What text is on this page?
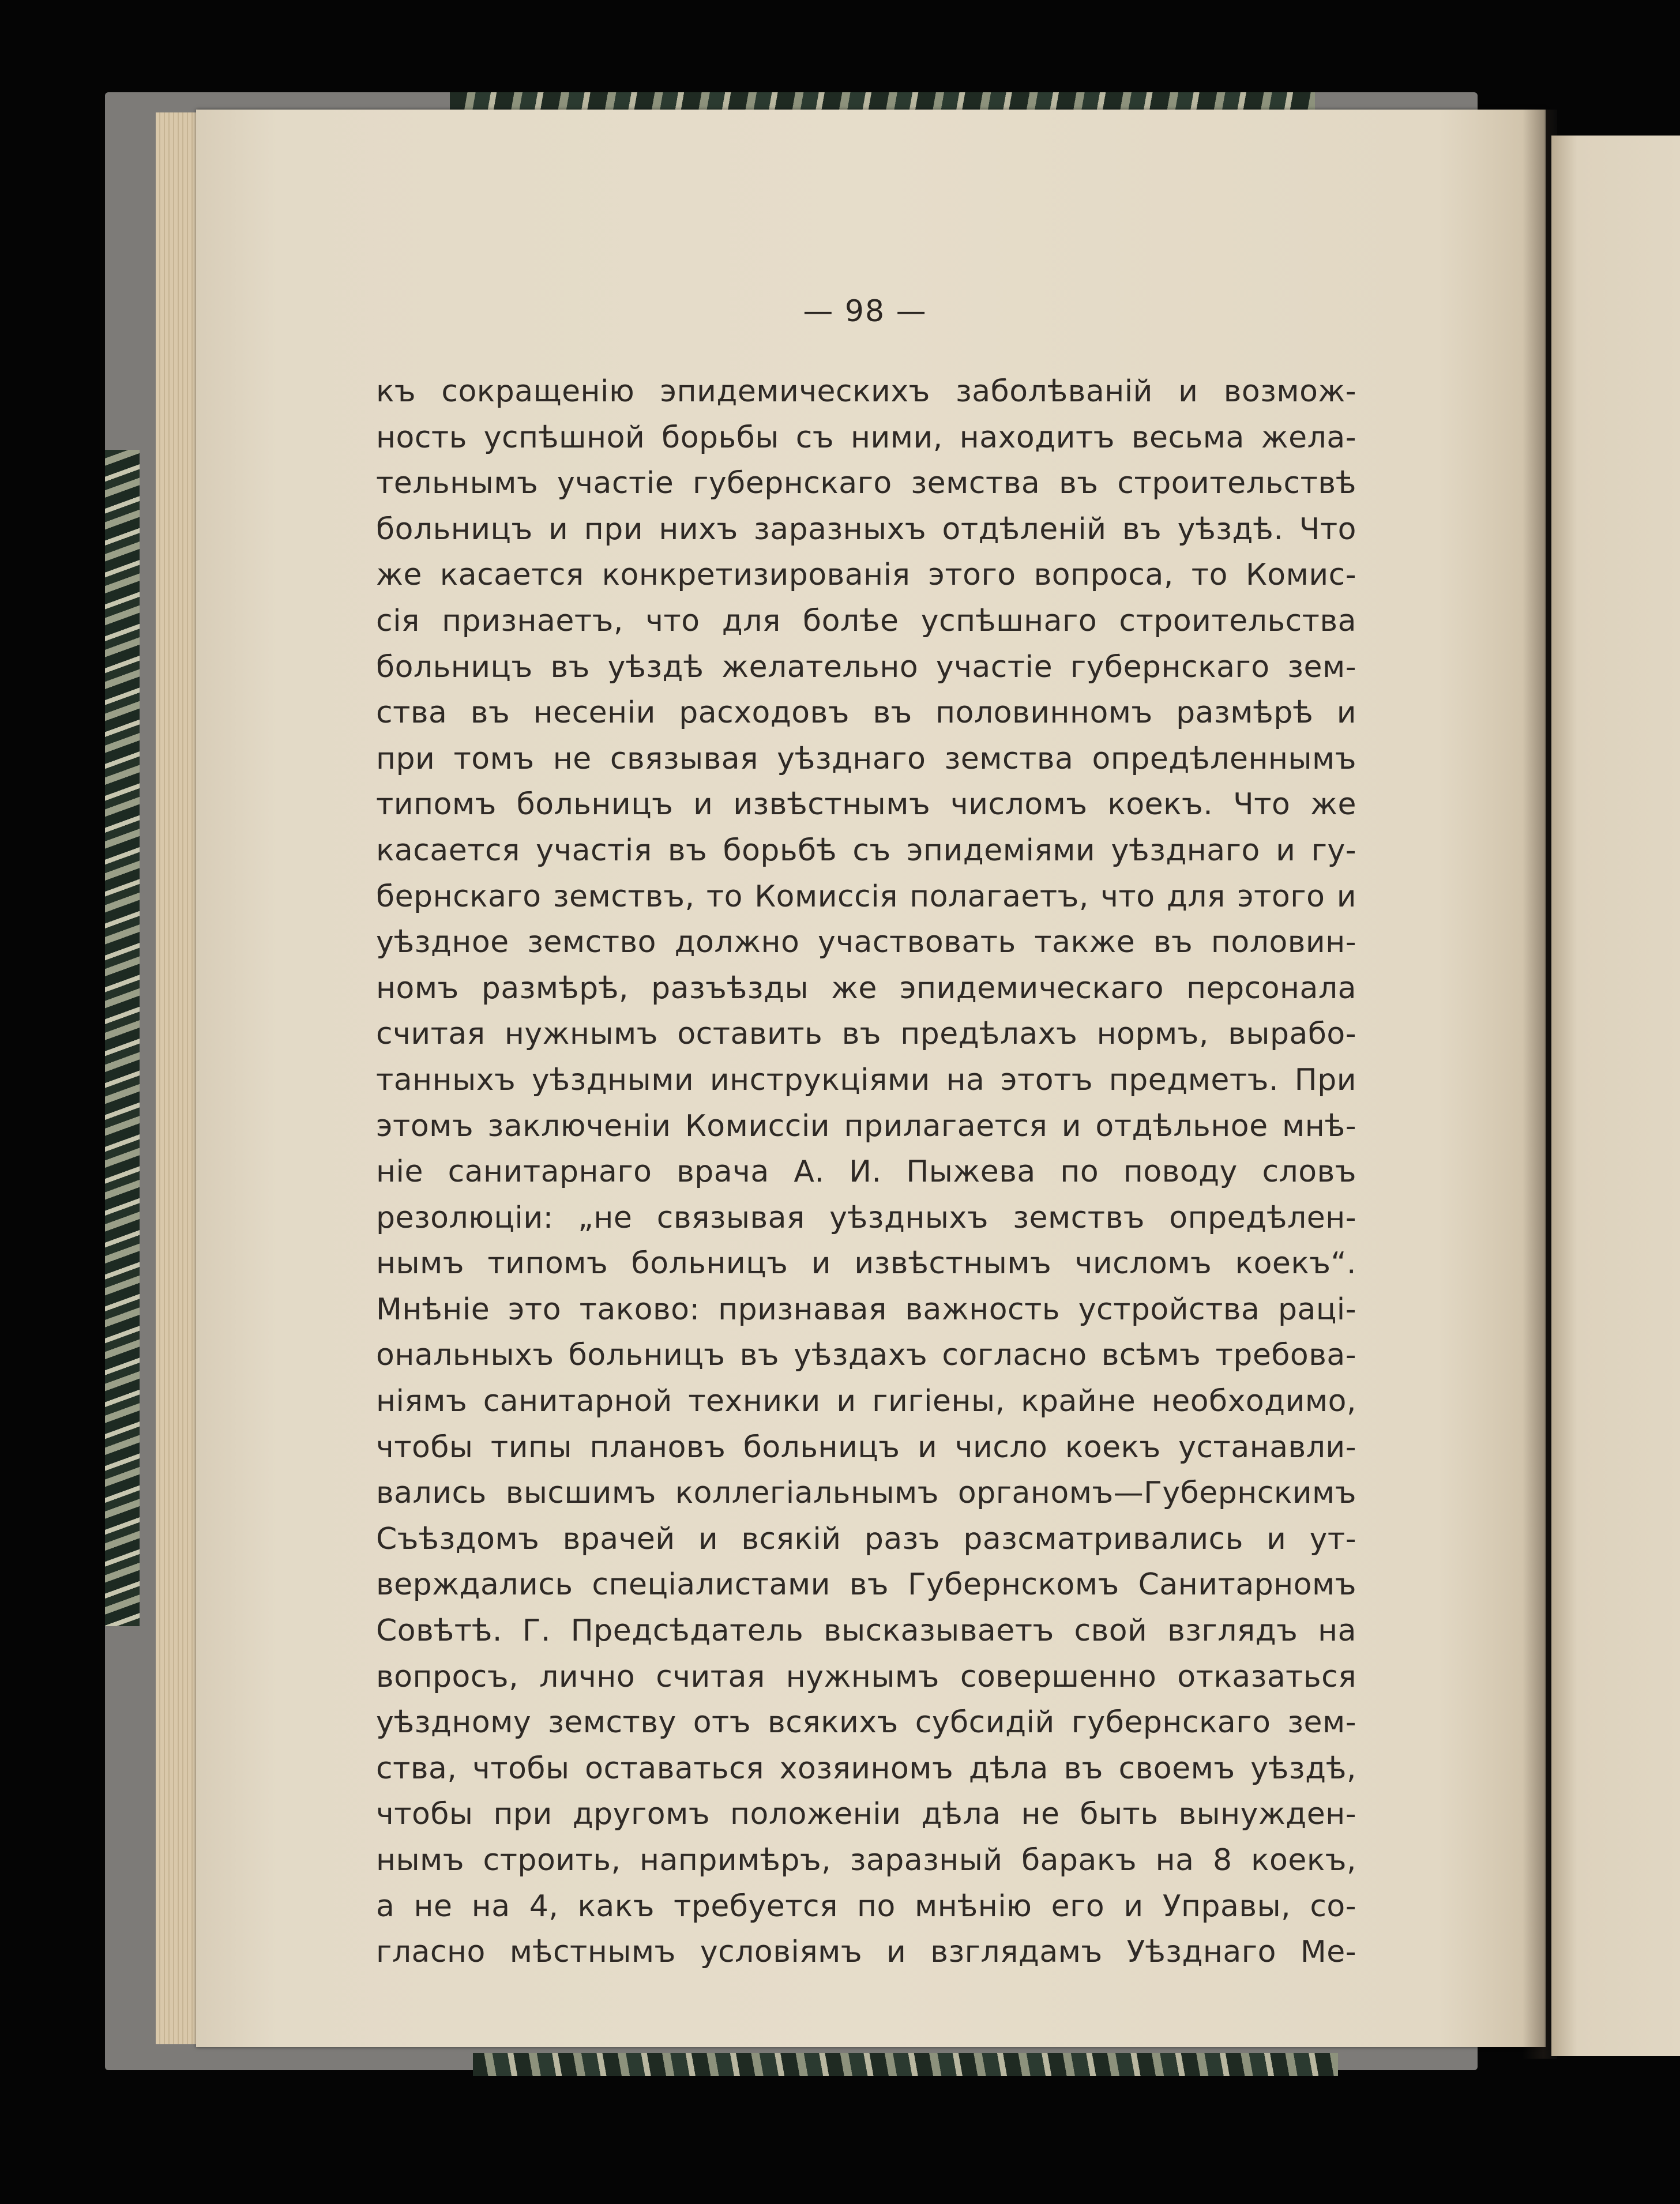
— 98 —
къ сокращенію эпидемическихъ заболѣваній и возмож-
ность успѣшной борьбы съ ними, находитъ весьма жела-
тельнымъ участіе губернскаго земства въ строительствѣ
больницъ и при нихъ заразныхъ отдѣленій въ уѣздѣ. Что
же касается конкретизированія этого вопроса, то Комис-
сія признаетъ, что для болѣе успѣшнаго строительства
больницъ въ уѣздѣ желательно участіе губернскаго зем-
ства въ несеніи расходовъ въ половинномъ размѣрѣ и
при томъ не связывая уѣзднаго земства опредѣленнымъ
типомъ больницъ и извѣстнымъ числомъ коекъ. Что же
касается участія въ борьбѣ съ эпидеміями уѣзднаго и гу-
бернскаго земствъ, то Комиссія полагаетъ, что для этого и
уѣздное земство должно участвовать также въ половин-
номъ размѣрѣ, разъѣзды же эпидемическаго персонала
считая нужнымъ оставить въ предѣлахъ нормъ, вырабо-
танныхъ уѣздными инструкціями на этотъ предметъ. При
этомъ заключеніи Комиссіи прилагается и отдѣльное мнѣ-
ніе санитарнаго врача А. И. Пыжева по поводу словъ
резолюціи: „не связывая уѣздныхъ земствъ опредѣлен-
нымъ типомъ больницъ и извѣстнымъ числомъ коекъ“.
Мнѣніе это таково: признавая важность устройства раці-
ональныхъ больницъ въ уѣздахъ согласно всѣмъ требова-
ніямъ санитарной техники и гигіены, крайне необходимо,
чтобы типы плановъ больницъ и число коекъ устанавли-
вались высшимъ коллегіальнымъ органомъ—Губернскимъ
Съѣздомъ врачей и всякій разъ разсматривались и ут-
верждались спеціалистами въ Губернскомъ Санитарномъ
Совѣтѣ. Г. Предсѣдатель высказываетъ свой взглядъ на
вопросъ, лично считая нужнымъ совершенно отказаться
уѣздному земству отъ всякихъ субсидій губернскаго зем-
ства, чтобы оставаться хозяиномъ дѣла въ своемъ уѣздѣ,
чтобы при другомъ положеніи дѣла не быть вынужден-
нымъ строить, напримѣръ, заразный баракъ на 8 коекъ,
а не на 4, какъ требуется по мнѣнію его и Управы, со-
гласно мѣстнымъ условіямъ и взглядамъ Уѣзднаго Ме-
